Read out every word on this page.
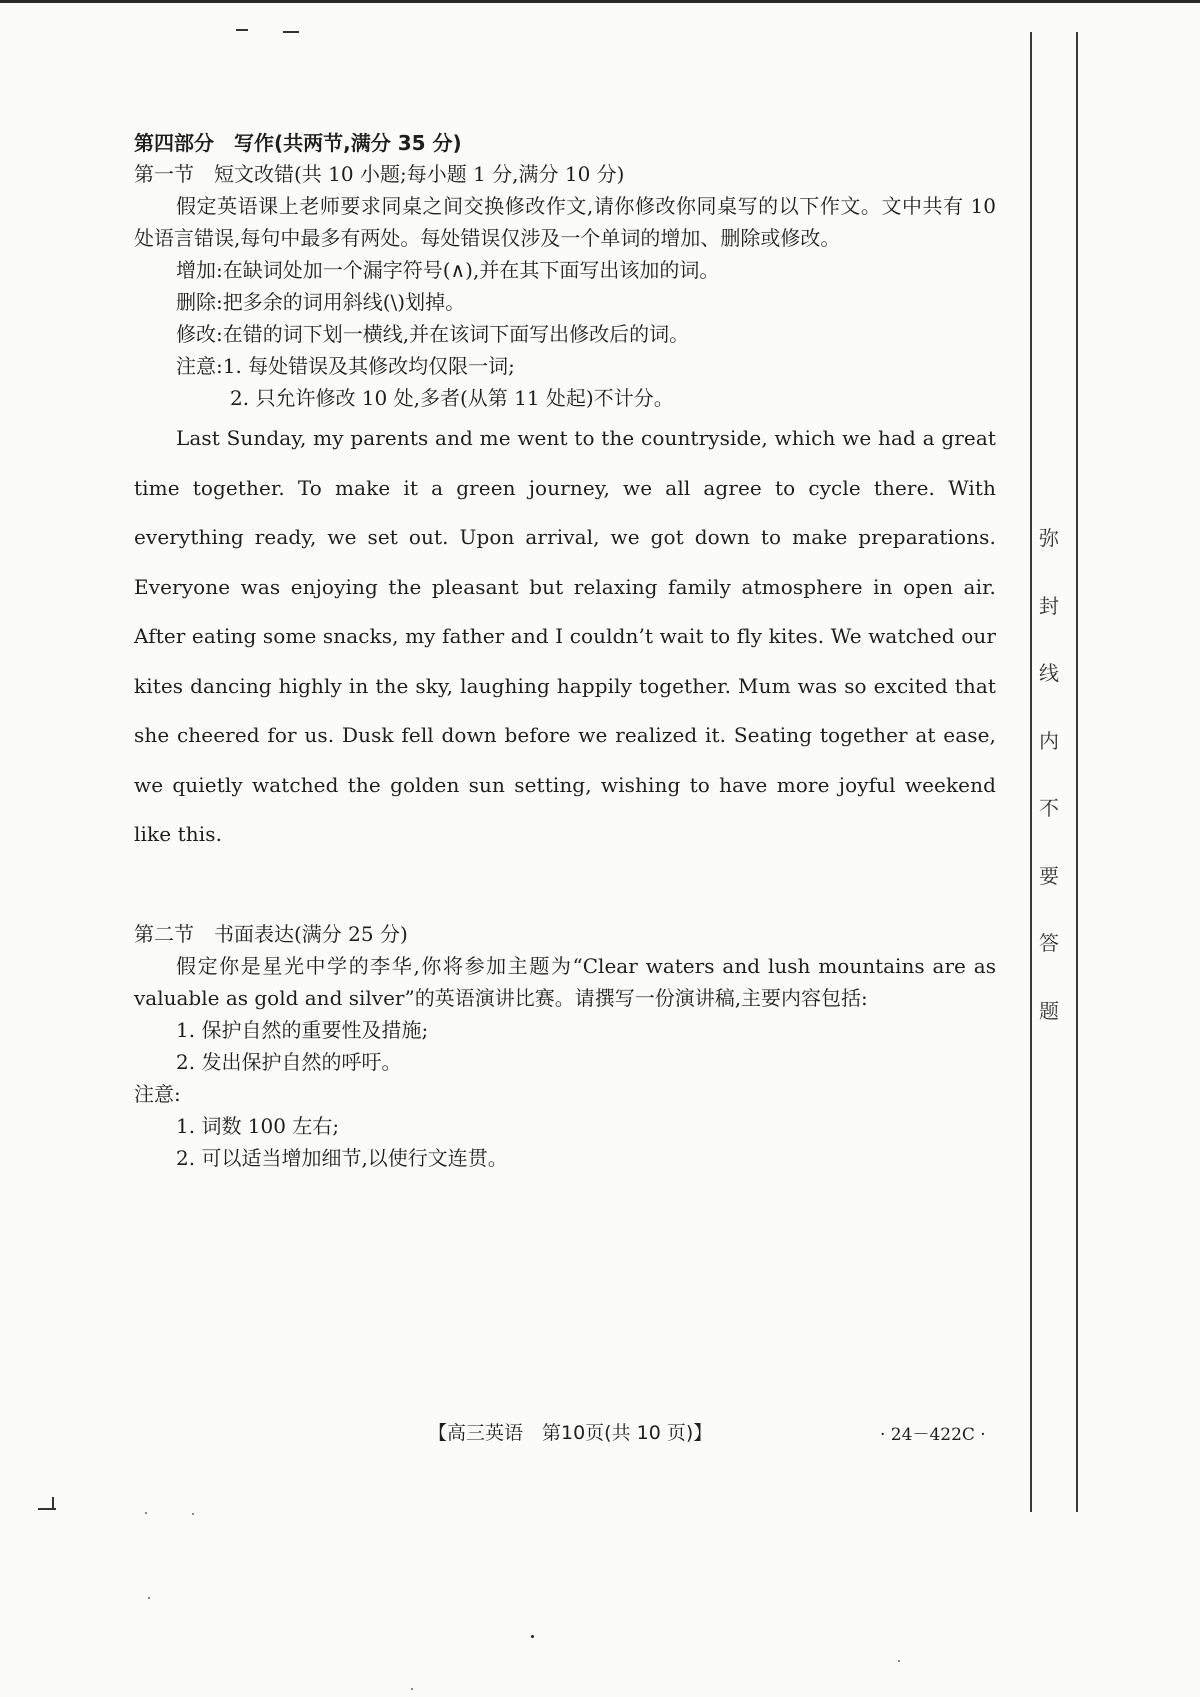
弥
封
线
内
不
要
答
题

第四部分　写作(共两节,满分 35 分)

第一节　短文改错(共 10 小题;每小题 1 分,满分 10 分)

假定英语课上老师要求同桌之间交换修改作文,请你修改你同桌写的以下作文。文中共有 10 处语言错误,每句中最多有两处。每处错误仅涉及一个单词的增加、删除或修改。

增加:在缺词处加一个漏字符号(∧),并在其下面写出该加的词。

删除:把多余的词用斜线(\)划掉。

修改:在错的词下划一横线,并在该词下面写出修改后的词。

注意:1. 每处错误及其修改均仅限一词;

2. 只允许修改 10 处,多者(从第 11 处起)不计分。

Last Sunday, my parents and me went to the countryside, which we had a great time together. To make it a green journey, we all agree to cycle there. With everything ready, we set out. Upon arrival, we got down to make preparations. Everyone was enjoying the pleasant but relaxing family atmosphere in open air. After eating some snacks, my father and I couldn’t wait to fly kites. We watched our kites dancing highly in the sky, laughing happily together. Mum was so excited that she cheered for us. Dusk fell down before we realized it. Seating together at ease, we quietly watched the golden sun setting, wishing to have more joyful weekend like this.

第二节　书面表达(满分 25 分)

假定你是星光中学的李华,你将参加主题为“Clear waters and lush mountains are as valuable as gold and silver”的英语演讲比赛。请撰写一份演讲稿,主要内容包括:

1. 保护自然的重要性及措施;

2. 发出保护自然的呼吁。

注意:

1. 词数 100 左右;

2. 可以适当增加细节,以使行文连贯。

【高三英语　第10页(共 10 页)】	· 24－422C ·
